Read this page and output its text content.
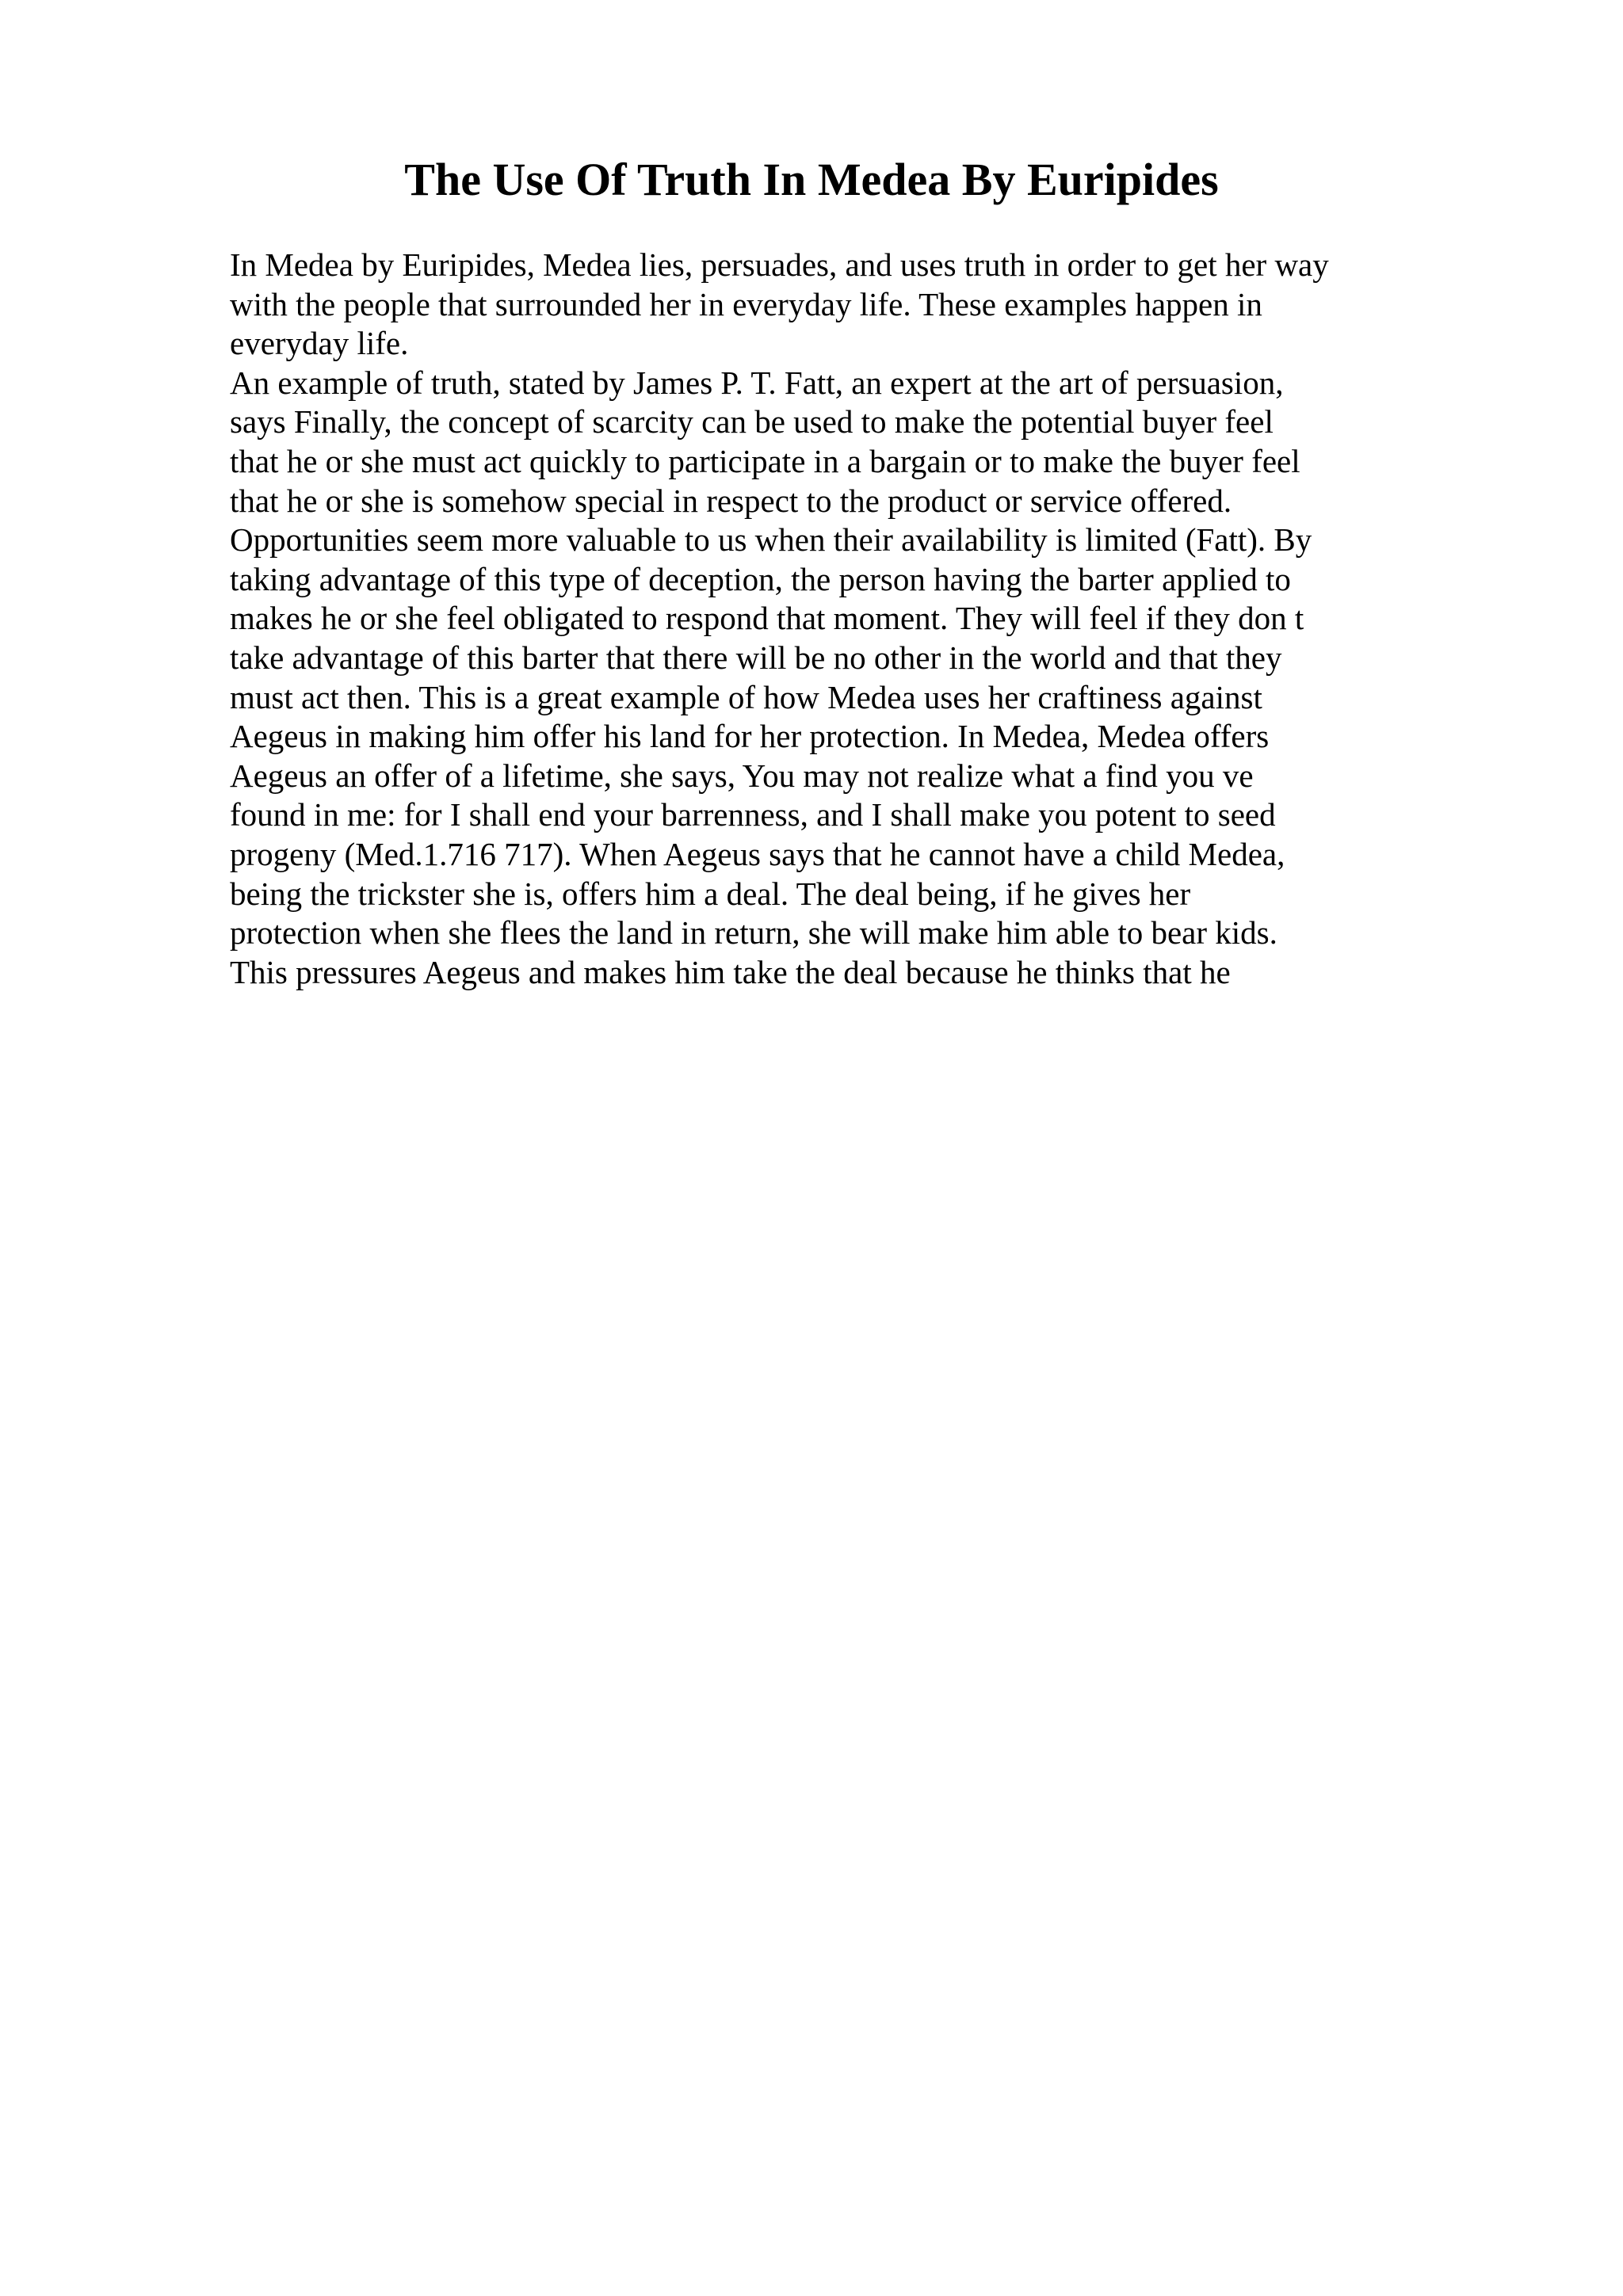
The Use Of Truth In Medea By Euripides
In Medea by Euripides, Medea lies, persuades, and uses truth in order to get her way
with the people that surrounded her in everyday life. These examples happen in
everyday life.
An example of truth, stated by James P. T. Fatt, an expert at the art of persuasion,
says Finally, the concept of scarcity can be used to make the potential buyer feel
that he or she must act quickly to participate in a bargain or to make the buyer feel
that he or she is somehow special in respect to the product or service offered.
Opportunities seem more valuable to us when their availability is limited (Fatt). By
taking advantage of this type of deception, the person having the barter applied to
makes he or she feel obligated to respond that moment. They will feel if they don t
take advantage of this barter that there will be no other in the world and that they
must act then. This is a great example of how Medea uses her craftiness against
Aegeus in making him offer his land for her protection. In Medea, Medea offers
Aegeus an offer of a lifetime, she says, You may not realize what a find you ve
found in me: for I shall end your barrenness, and I shall make you potent to seed
progeny (Med.1.716 717). When Aegeus says that he cannot have a child Medea,
being the trickster she is, offers him a deal. The deal being, if he gives her
protection when she flees the land in return, she will make him able to bear kids.
This pressures Aegeus and makes him take the deal because he thinks that he
